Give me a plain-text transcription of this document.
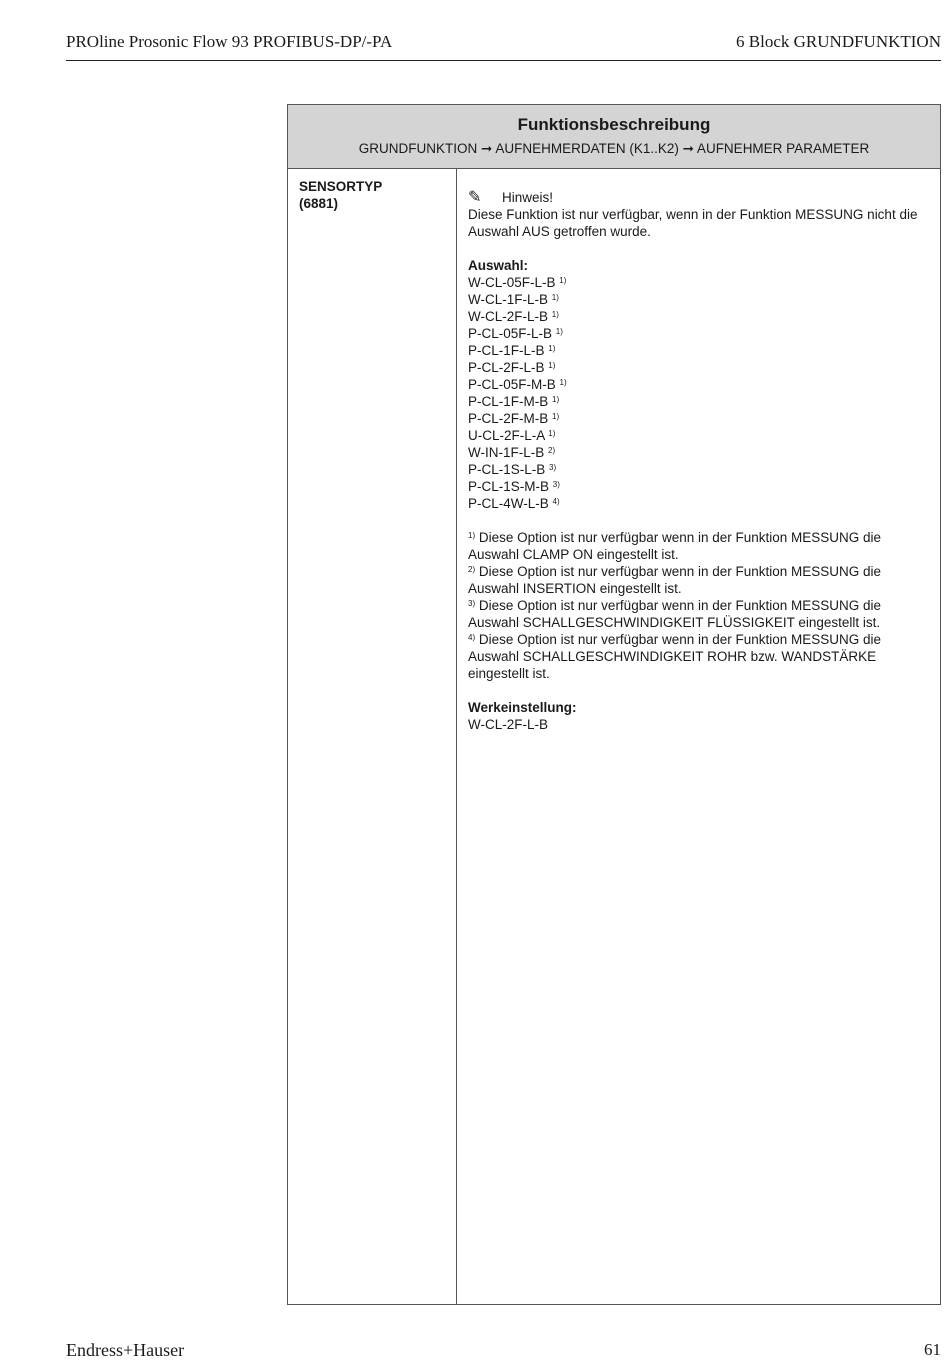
PROline Prosonic Flow 93 PROFIBUS-DP/-PA	6 Block GRUNDFUNKTION
Funktionsbeschreibung
GRUNDFUNKTION ➞ AUFNEHMERDATEN (K1..K2) ➞ AUFNEHMER PARAMETER
SENSORTYP
(6881)	✎ Hinweis!
Diese Funktion ist nur verfügbar, wenn in der Funktion MESSUNG nicht die
Auswahl AUS getroffen wurde.
Auswahl:
W-CL-05F-L-B $^{1)}$
W-CL-1F-L-B $^{1)}$
W-CL-2F-L-B $^{1)}$
P-CL-05F-L-B $^{1)}$
P-CL-1F-L-B $^{1)}$
P-CL-2F-L-B $^{1)}$
P-CL-05F-M-B $^{1)}$
P-CL-1F-M-B $^{1)}$
P-CL-2F-M-B $^{1)}$
U-CL-2F-L-A $^{1)}$
W-IN-1F-L-B $^{2)}$
P-CL-1S-L-B $^{3)}$
P-CL-1S-M-B $^{3)}$
P-CL-4W-L-B $^{4)}$
$^{1)}$ Diese Option ist nur verfügbar wenn in der Funktion MESSUNG die
Auswahl CLAMP ON eingestellt ist.
$^{2)}$ Diese Option ist nur verfügbar wenn in der Funktion MESSUNG die
Auswahl INSERTION eingestellt ist.
$^{3)}$ Diese Option ist nur verfügbar wenn in der Funktion MESSUNG die
Auswahl SCHALLGESCHWINDIGKEIT FLÜSSIGKEIT eingestellt ist.
$^{4)}$ Diese Option ist nur verfügbar wenn in der Funktion MESSUNG die
Auswahl SCHALLGESCHWINDIGKEIT ROHR bzw. WANDSTÄRKE
eingestellt ist.
Werkeinstellung:
W-CL-2F-L-B
Endress+Hauser	61
